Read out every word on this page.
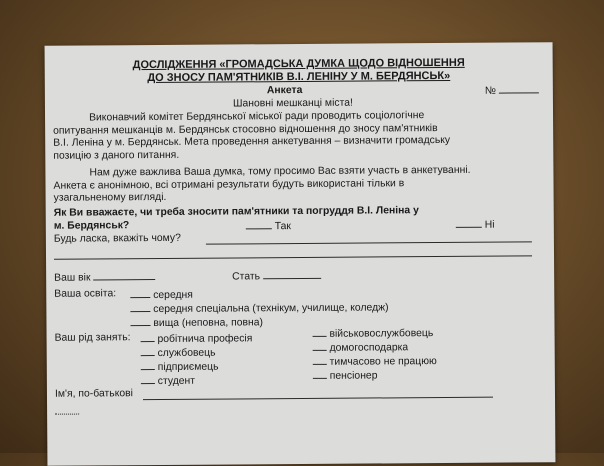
ДОСЛІДЖЕННЯ «ГРОМАДСЬКА ДУМКА ЩОДО ВІДНОШЕННЯ
ДО ЗНОСУ ПАМ'ЯТНИКІВ В.І. ЛЕНІНУ У М. БЕРДЯНСЬК»
Анкета	№
Шановні мешканці міста!
Виконавчий комітет Бердянської міської ради проводить соціологічне
опитування мешканців м. Бердянськ стосовно відношення до зносу пам'ятників
В.І. Леніна у м. Бердянськ. Мета проведення анкетування – визначити громадську
позицію з даного питання.
Нам дуже важлива Ваша думка, тому просимо Вас взяти участь в анкетуванні.
Анкета є анонімною, всі отримані результати будуть використані тільки в
узагальненому вигляді.
Як Ви вважаєте, чи треба зносити пам'ятники та погруддя В.І. Леніна у
м. Бердянськ?	Так	Ні
Будь ласка, вкажіть чому?
Ваш вік	Стать
Ваша освіта:	середня
середня спеціальна (технікум, училище, коледж)
вища (неповна, повна)
Ваш рід занять:	робітнича професія
службовець
підприємець
студент
військовослужбовець
домогосподарка
тимчасово не працюю
пенсіонер
Ім'я, по-батькові
